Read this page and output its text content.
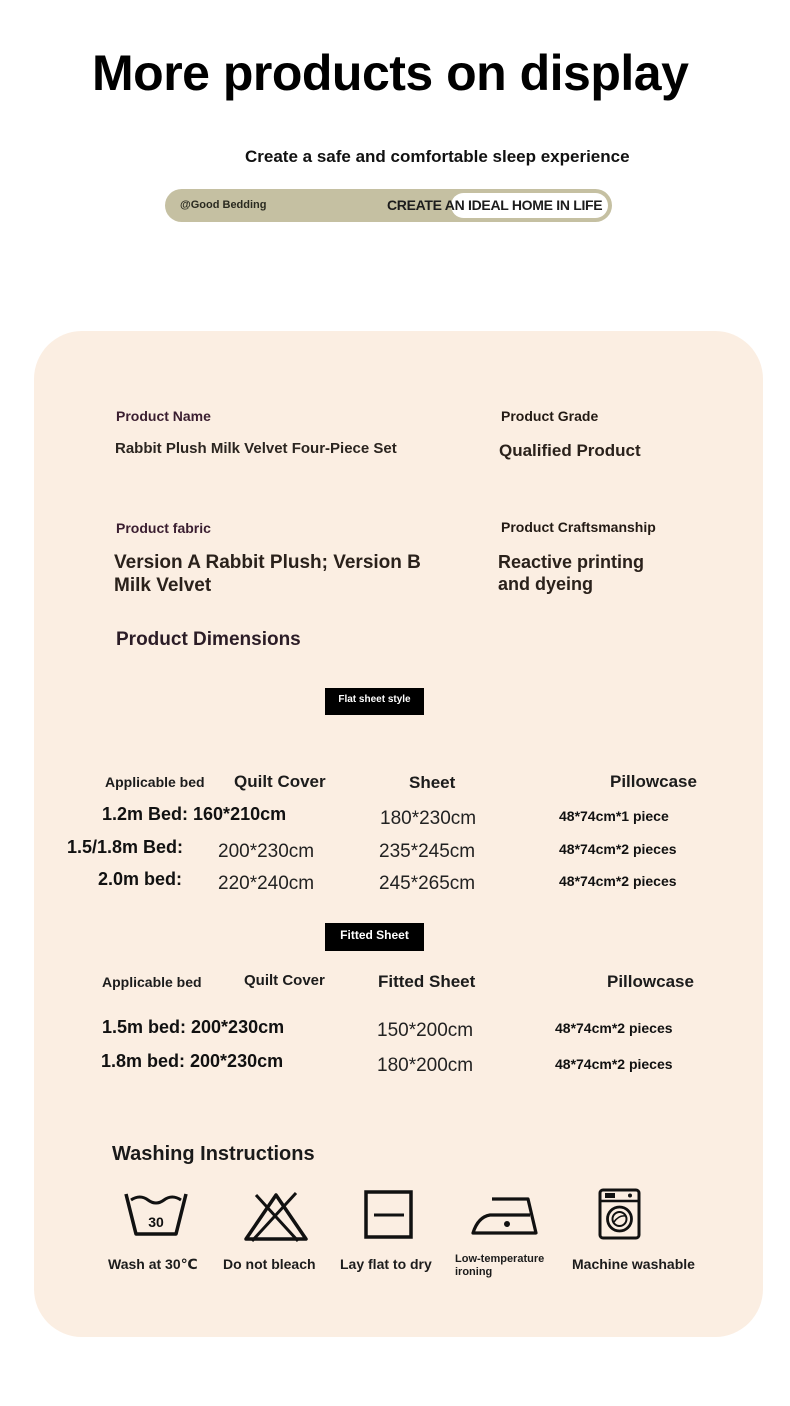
More products on display
Create a safe and comfortable sleep experience
@Good Bedding	CREATE AN IDEAL HOME IN LIFE
Product Name
Rabbit Plush Milk Velvet Four-Piece Set
Product Grade
Qualified Product
Product fabric
Version A Rabbit Plush; Version B Milk Velvet
Product Craftsmanship
Reactive printing and dyeing
Product Dimensions
Flat sheet style
Applicable bed Quilt Cover	Sheet	Pillowcase
1.2m Bed: 160*210cm	180*230cm	48*74cm*1 piece
1.5/1.8m Bed: 200*230cm	235*245cm	48*74cm*2 pieces
2.0m bed: 220*240cm	245*265cm	48*74cm*2 pieces
Fitted Sheet
Applicable bed	Quilt Cover	Fitted Sheet	Pillowcase
1.5m bed: 200*230cm	150*200cm	48*74cm*2 pieces
1.8m bed: 200*230cm	180*200cm	48*74cm*2 pieces
Washing Instructions
30
Wash at 30℃ Do not bleach Lay flat to dry Low-temperature ironing	Machine washable
